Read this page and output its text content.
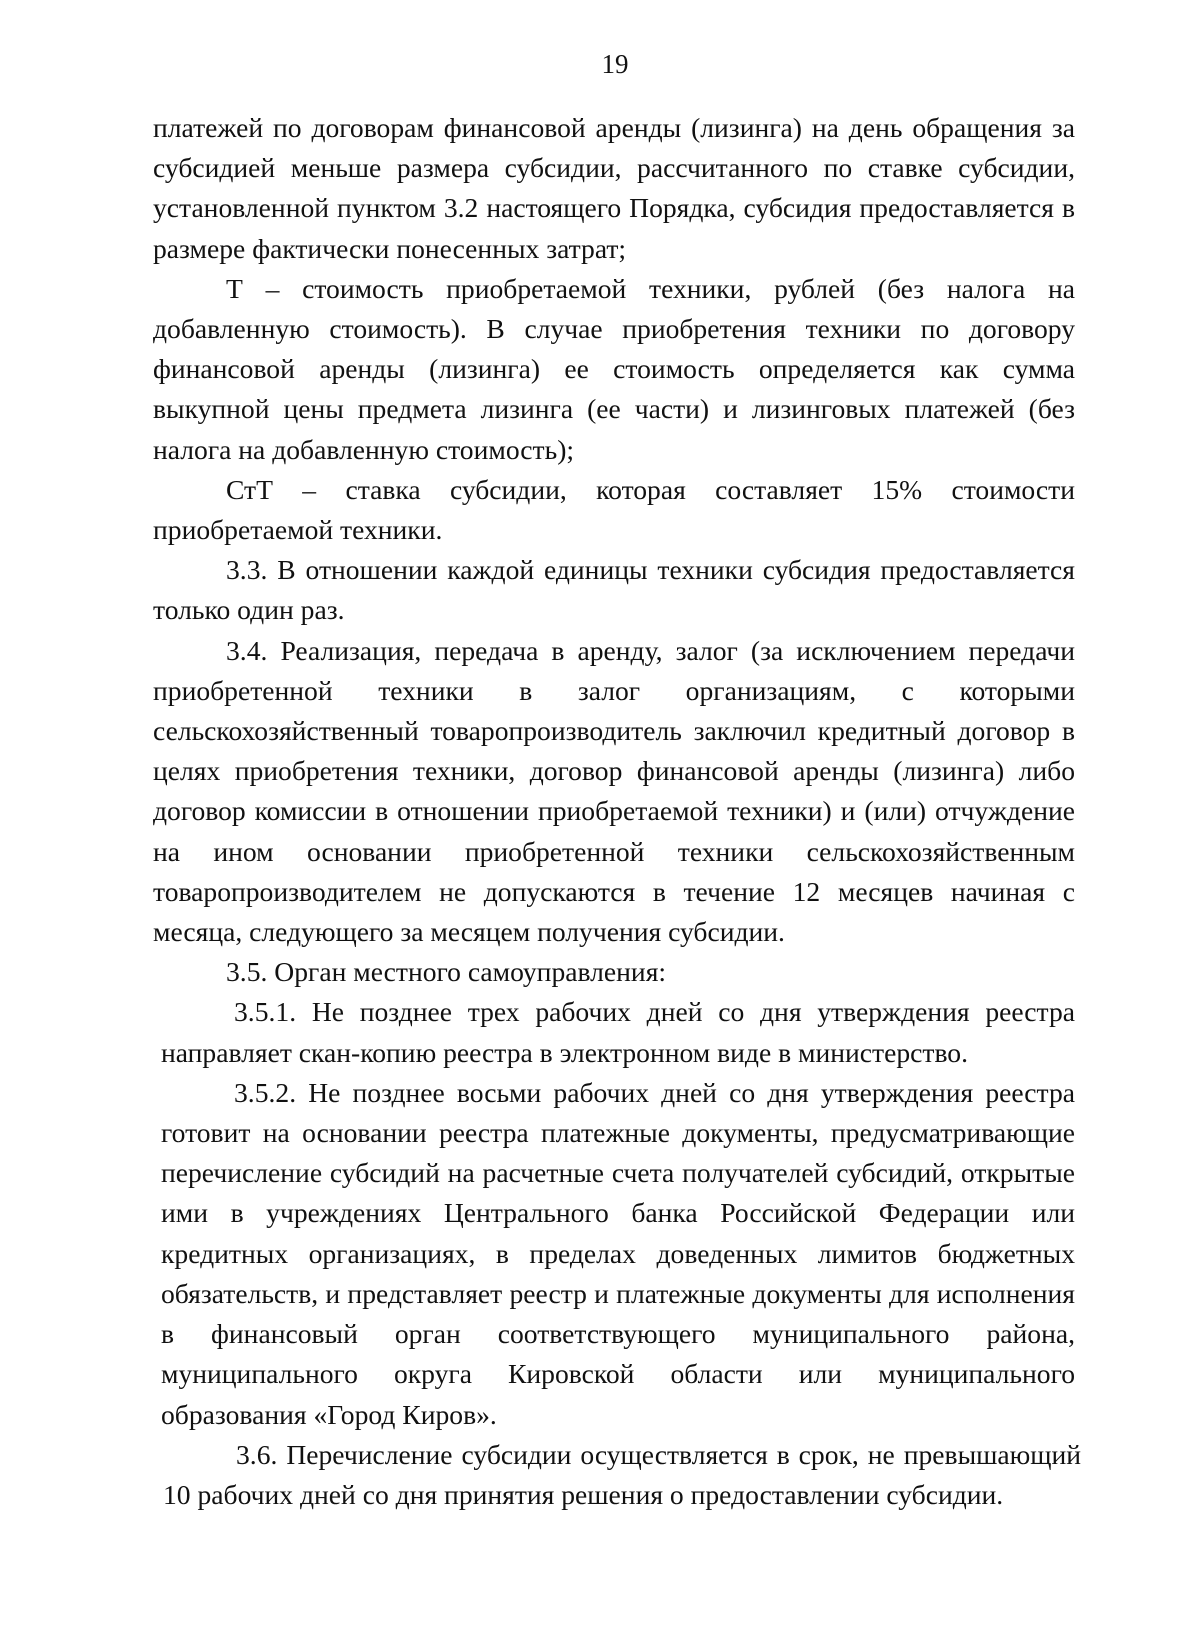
19

платежей по договорам финансовой аренды (лизинга) на день обращения за субсидией меньше размера субсидии, рассчитанного по ставке субсидии, установленной пунктом 3.2 настоящего Порядка, субсидия предоставляется в размере фактически понесенных затрат;

Т – стоимость приобретаемой техники, рублей (без налога на добавленную стоимость). В случае приобретения техники по договору финансовой аренды (лизинга) ее стоимость определяется как сумма выкупной цены предмета лизинга (ее части) и лизинговых платежей (без налога на добавленную стоимость);

СтТ – ставка субсидии, которая составляет 15% стоимости приобретаемой техники.

3.3. В отношении каждой единицы техники субсидия предоставляется только один раз.

3.4. Реализация, передача в аренду, залог (за исключением передачи приобретенной техники в залог организациям, с которыми сельскохозяйственный товаропроизводитель заключил кредитный договор в целях приобретения техники, договор финансовой аренды (лизинга) либо договор комиссии в отношении приобретаемой техники) и (или) отчуждение на ином основании приобретенной техники сельскохозяйственным товаропроизводителем не допускаются в течение 12 месяцев начиная с месяца, следующего за месяцем получения субсидии.

3.5. Орган местного самоуправления:

3.5.1. Не позднее трех рабочих дней со дня утверждения реестра направляет скан-копию реестра в электронном виде в министерство.

3.5.2. Не позднее восьми рабочих дней со дня утверждения реестра готовит на основании реестра платежные документы, предусматривающие перечисление субсидий на расчетные счета получателей субсидий, открытые ими в учреждениях Центрального банка Российской Федерации или кредитных организациях, в пределах доведенных лимитов бюджетных обязательств, и представляет реестр и платежные документы для исполнения в финансовый орган соответствующего муниципального района, муниципального округа Кировской области или муниципального образования «Город Киров».

3.6. Перечисление субсидии осуществляется в срок, не превышающий 10 рабочих дней со дня принятия решения о предоставлении субсидии.
